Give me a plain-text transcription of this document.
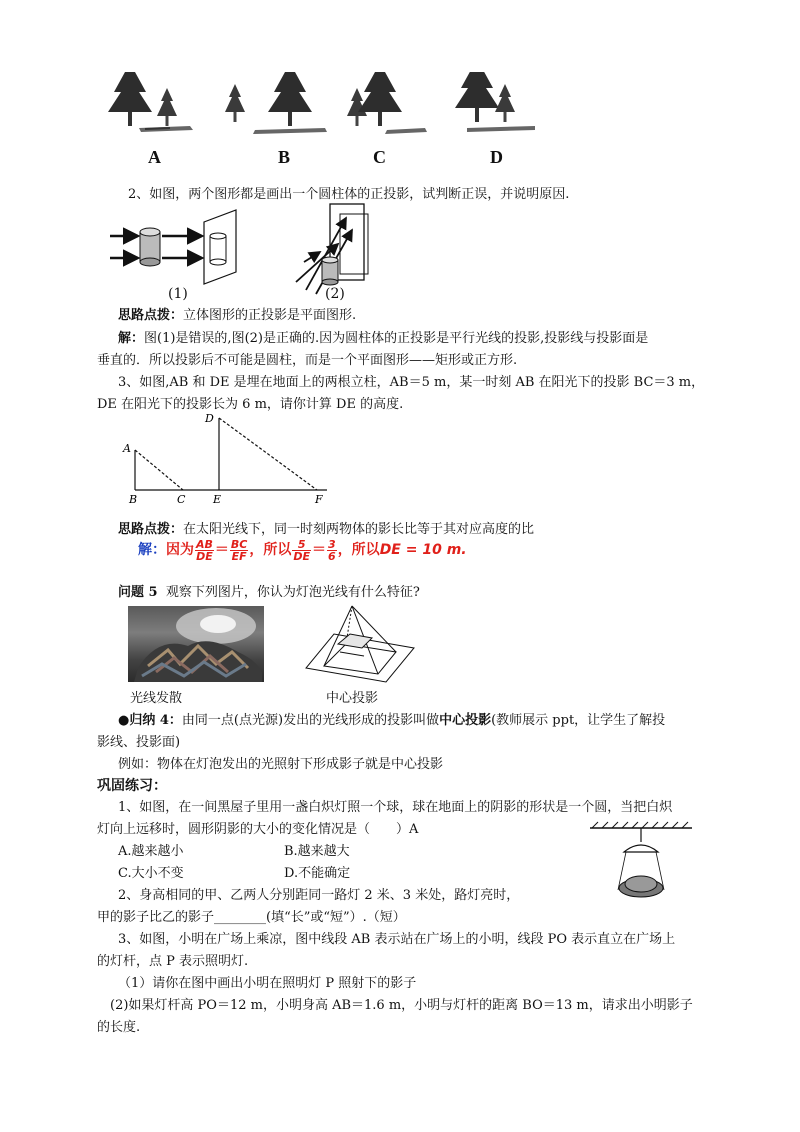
A	B	C	D
2、如图，两个图形都是画出一个圆柱体的正投影，试判断正误，并说明原因.
(1)	(2)
思路点拨：立体图形的正投影是平面图形.
解：图(1)是错误的,图(2)是正确的.因为圆柱体的正投影是平行光线的投影,投影线与投影面是
垂直的．所以投影后不可能是圆柱，而是一个平面图形——矩形或正方形.
3、如图,AB 和 DE 是埋在地面上的两根立柱，AB＝5 m，某一时刻 AB 在阳光下的投影 BC＝3 m，
DE 在阳光下的投影长为 6 m，请你计算 DE 的高度.
A
B	C
D
E	F
思路点拨：在太阳光线下，同一时刻两物体的影长比等于其对应高度的比
解：因为 $\frac{AB}{DE} = \frac{BC}{EF}$ ，所以 $\frac{5}{DE} = \frac{3}{6}$ ，所以DE = 10 m.
问题 5 观察下列图片，你认为灯泡光线有什么特征?
光线发散	中心投影
●归纳 4：由同一点(点光源)发出的光线形成的投影叫做中心投影(教师展示 ppt，让学生了解投
影线、投影面)
例如：物体在灯泡发出的光照射下形成影子就是中心投影
巩固练习：
1、如图，在一间黑屋子里用一盏白炽灯照一个球，球在地面上的阴影的形状是一个圆，当把白炽
灯向上远移时，圆形阴影的大小的变化情况是（　　）A
A.越来越小	B.越来越大
C.大小不变	D.不能确定
2、身高相同的甲、乙两人分别距同一路灯 2 米、3 米处，路灯亮时，
甲的影子比乙的影子________(填“长”或“短”）.（短）
3、如图，小明在广场上乘凉，图中线段 AB 表示站在广场上的小明，线段 PO 表示直立在广场上
的灯杆，点 P 表示照明灯.
（1）请你在图中画出小明在照明灯 P 照射下的影子
(2)如果灯杆高 PO＝12 m，小明身高 AB＝1.6 m，小明与灯杆的距离 BO＝13 m，请求出小明影子
的长度.
